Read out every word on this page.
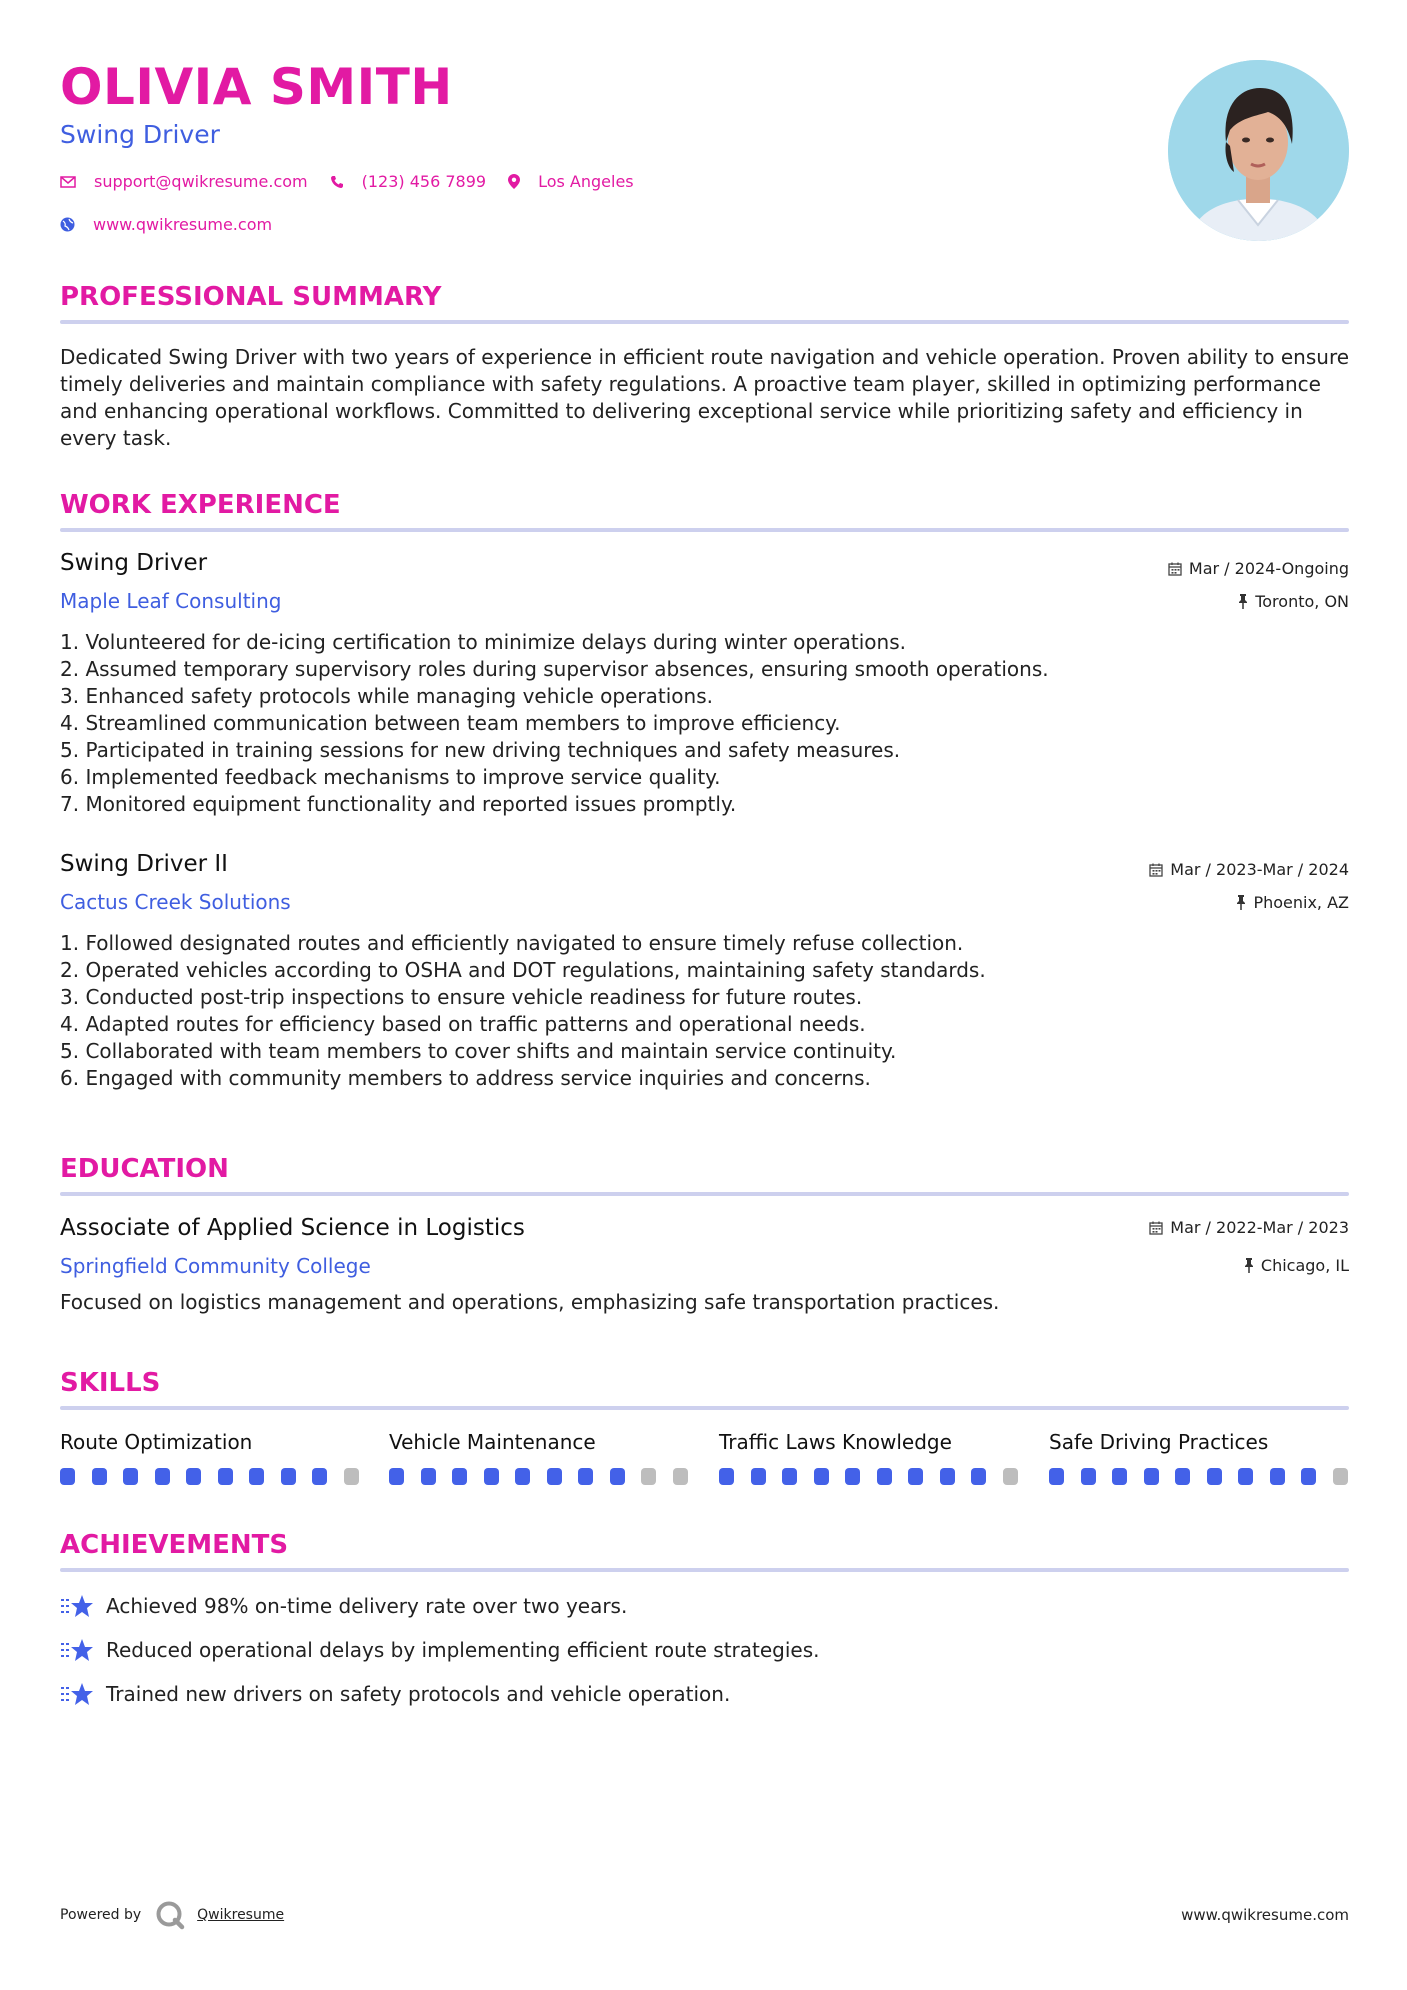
OLIVIA SMITH
Swing Driver
support@qwikresume.com	(123) 456 7899	Los Angeles
www.qwikresume.com
PROFESSIONAL SUMMARY
Dedicated Swing Driver with two years of experience in efficient route navigation and vehicle operation. Proven ability to ensure timely deliveries and maintain compliance with safety regulations. A proactive team player, skilled in optimizing performance and enhancing operational workflows. Committed to delivering exceptional service while prioritizing safety and efficiency in every task.
WORK EXPERIENCE
Swing Driver
Maple Leaf Consulting
Mar / 2024-Ongoing
Toronto, ON
1. Volunteered for de-icing certification to minimize delays during winter operations.
2. Assumed temporary supervisory roles during supervisor absences, ensuring smooth operations.
3. Enhanced safety protocols while managing vehicle operations.
4. Streamlined communication between team members to improve efficiency.
5. Participated in training sessions for new driving techniques and safety measures.
6. Implemented feedback mechanisms to improve service quality.
7. Monitored equipment functionality and reported issues promptly.
Swing Driver II
Cactus Creek Solutions
Mar / 2023-Mar / 2024
Phoenix, AZ
1. Followed designated routes and efficiently navigated to ensure timely refuse collection.
2. Operated vehicles according to OSHA and DOT regulations, maintaining safety standards.
3. Conducted post-trip inspections to ensure vehicle readiness for future routes.
4. Adapted routes for efficiency based on traffic patterns and operational needs.
5. Collaborated with team members to cover shifts and maintain service continuity.
6. Engaged with community members to address service inquiries and concerns.
EDUCATION
Associate of Applied Science in Logistics
Springfield Community College
Mar / 2022-Mar / 2023
Chicago, IL
Focused on logistics management and operations, emphasizing safe transportation practices.
SKILLS
Route Optimization	Vehicle Maintenance	Traffic Laws Knowledge	Safe Driving Practices
ACHIEVEMENTS
Achieved 98% on-time delivery rate over two years.
Reduced operational delays by implementing efficient route strategies.
Trained new drivers on safety protocols and vehicle operation.
Powered by	Qwikresume	www.qwikresume.com
